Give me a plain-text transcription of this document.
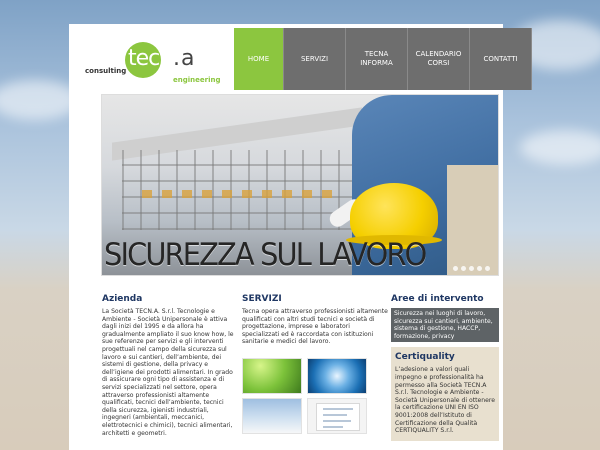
consulting tecn . a
engineering
HOME	SERVIZI
TECNA
INFORMA
CALENDARIO
CORSI
CONTATTI
SICUREZZA SUL LAVORO
Azienda

La Società TECN.A. S.r.l. Tecnologie e Ambiente - Società Unipersonale è attiva dagli inizi del 1995 e da allora ha gradualmente ampliato il suo know how, le sue referenze per servizi e gli interventi progettuali nel campo della sicurezza sul lavoro e sui cantieri, dell’ambiente, dei sistemi di gestione, della privacy e dell’igiene dei prodotti alimentari. In grado di assicurare ogni tipo di assistenza e di servizi specializzati nel settore, opera attraverso professionisti altamente qualificati, tecnici dell’ambiente, tecnici della sicurezza, igienisti industriali, ingegneri (ambientali, meccanici, elettrotecnici e chimici), tecnici alimentari, architetti e geometri.

SERVIZI

Tecna opera attraverso professionisti altamente qualificati con altri studi tecnici e società di progettazione, imprese e laboratori specializzati ed è raccordata con istituzioni sanitarie e medici del lavoro.

Aree di intervento
Sicurezza nei luoghi di lavoro, sicurezza sui cantieri, ambiente, sistema di gestione, HACCP, formazione, privacy
Certiquality

L’adesione a valori quali impegno e professionalità ha permesso alla Società TECN.A S.r.l. Tecnologie e Ambiente - Società Unipersonale di ottenere la certificazione UNI EN ISO 9001:2008 dell’Istituto di Certificazione della Qualità CERTIQUALITY S.r.l.
